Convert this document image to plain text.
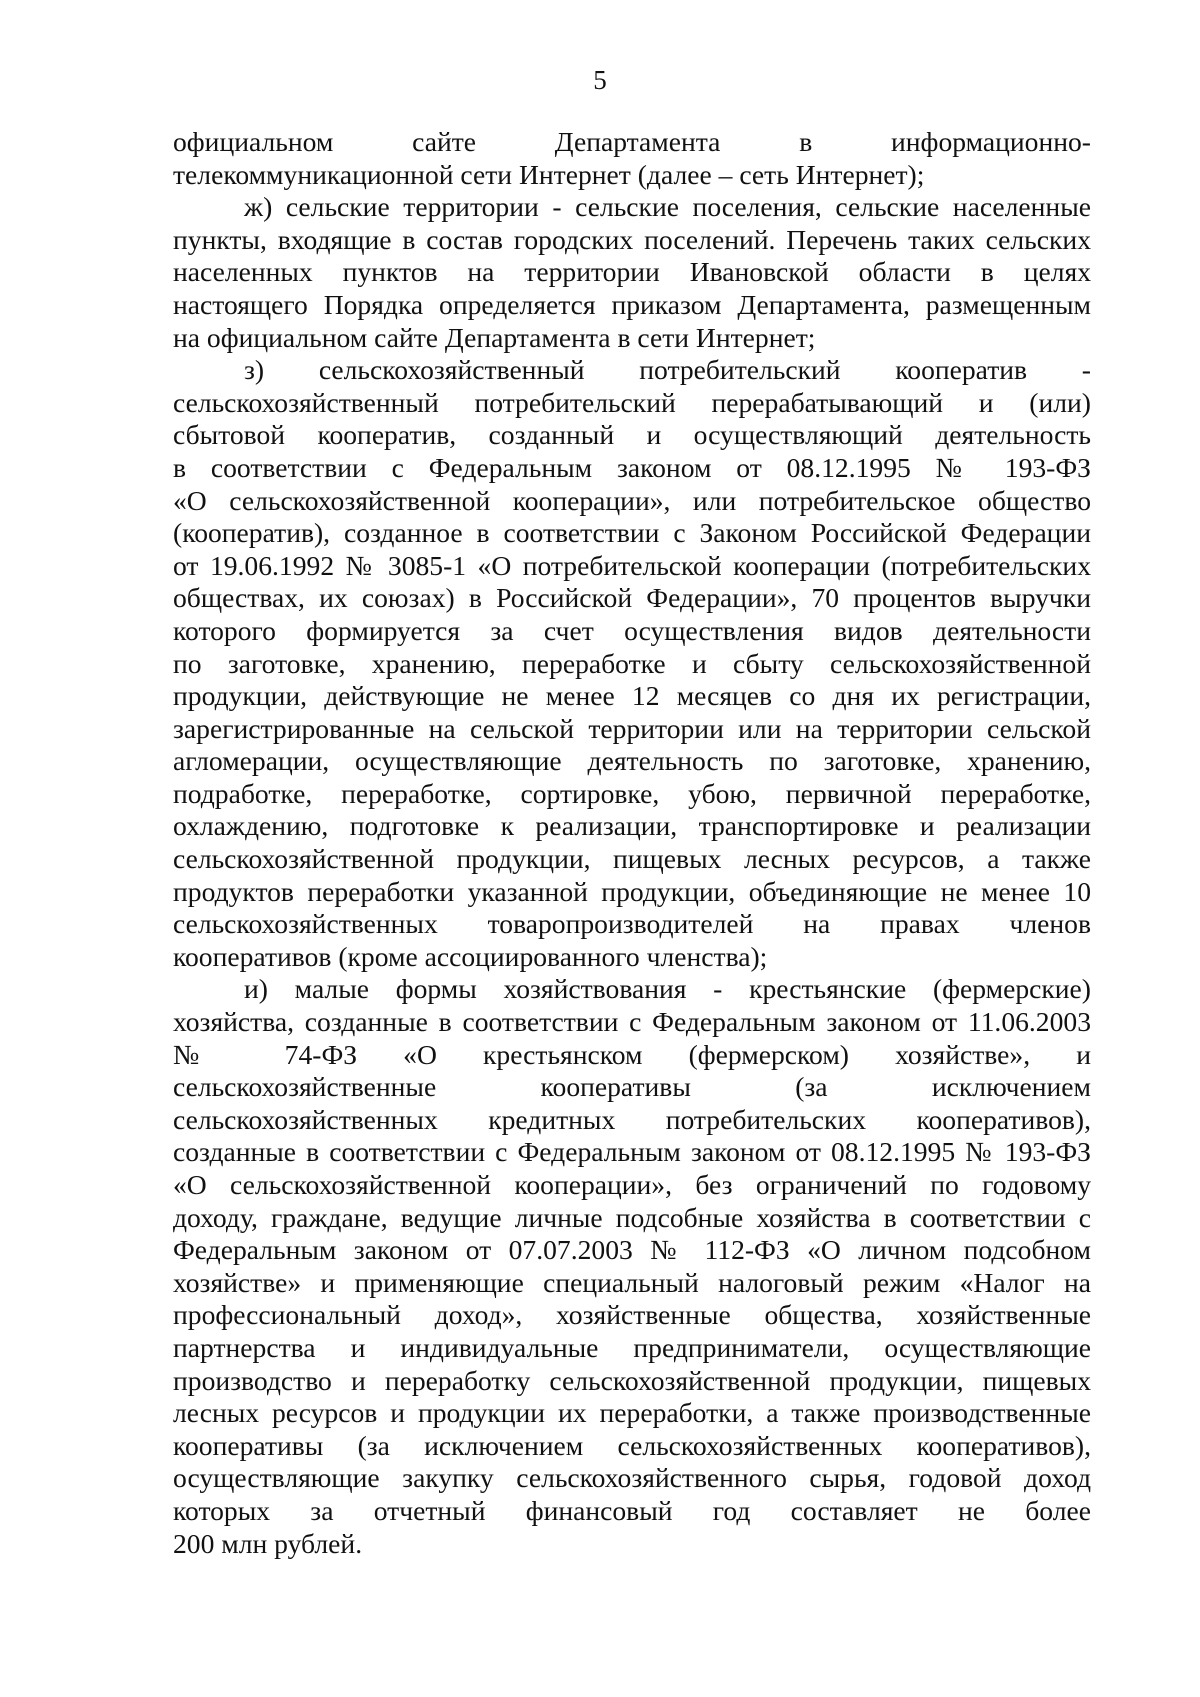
5

официальном сайте Департамента в информационно-
телекоммуникационной сети Интернет (далее – сеть Интернет);

ж) сельские территории - сельские поселения, сельские населенные
пункты, входящие в состав городских поселений. Перечень таких сельских
населенных пунктов на территории Ивановской области в целях
настоящего Порядка определяется приказом Департамента, размещенным
на официальном сайте Департамента в сети Интернет;

з) сельскохозяйственный потребительский кооператив -
сельскохозяйственный потребительский перерабатывающий и (или)
сбытовой кооператив, созданный и осуществляющий деятельность
в соответствии с Федеральным законом от 08.12.1995 № 193-ФЗ
«О сельскохозяйственной кооперации», или потребительское общество
(кооператив), созданное в соответствии с Законом Российской Федерации
от 19.06.1992 № 3085-1 «О потребительской кооперации (потребительских
обществах, их союзах) в Российской Федерации», 70 процентов выручки
которого формируется за счет осуществления видов деятельности
по заготовке, хранению, переработке и сбыту сельскохозяйственной
продукции, действующие не менее 12 месяцев со дня их регистрации,
зарегистрированные на сельской территории или на территории сельской
агломерации, осуществляющие деятельность по заготовке, хранению,
подработке, переработке, сортировке, убою, первичной переработке,
охлаждению, подготовке к реализации, транспортировке и реализации
сельскохозяйственной продукции, пищевых лесных ресурсов, а также
продуктов переработки указанной продукции, объединяющие не менее 10
сельскохозяйственных товаропроизводителей на правах членов
кооперативов (кроме ассоциированного членства);

и) малые формы хозяйствования - крестьянские (фермерские)
хозяйства, созданные в соответствии с Федеральным законом от 11.06.2003
№ 74-ФЗ «О крестьянском (фермерском) хозяйстве», и
сельскохозяйственные кооперативы (за исключением
сельскохозяйственных кредитных потребительских кооперативов),
созданные в соответствии с Федеральным законом от 08.12.1995 № 193-ФЗ
«О сельскохозяйственной кооперации», без ограничений по годовому
доходу, граждане, ведущие личные подсобные хозяйства в соответствии с
Федеральным законом от 07.07.2003 № 112-ФЗ «О личном подсобном
хозяйстве» и применяющие специальный налоговый режим «Налог на
профессиональный доход», хозяйственные общества, хозяйственные
партнерства и индивидуальные предприниматели, осуществляющие
производство и переработку сельскохозяйственной продукции, пищевых
лесных ресурсов и продукции их переработки, а также производственные
кооперативы (за исключением сельскохозяйственных кооперативов),
осуществляющие закупку сельскохозяйственного сырья, годовой доход
которых за отчетный финансовый год составляет не более
200 млн рублей.
